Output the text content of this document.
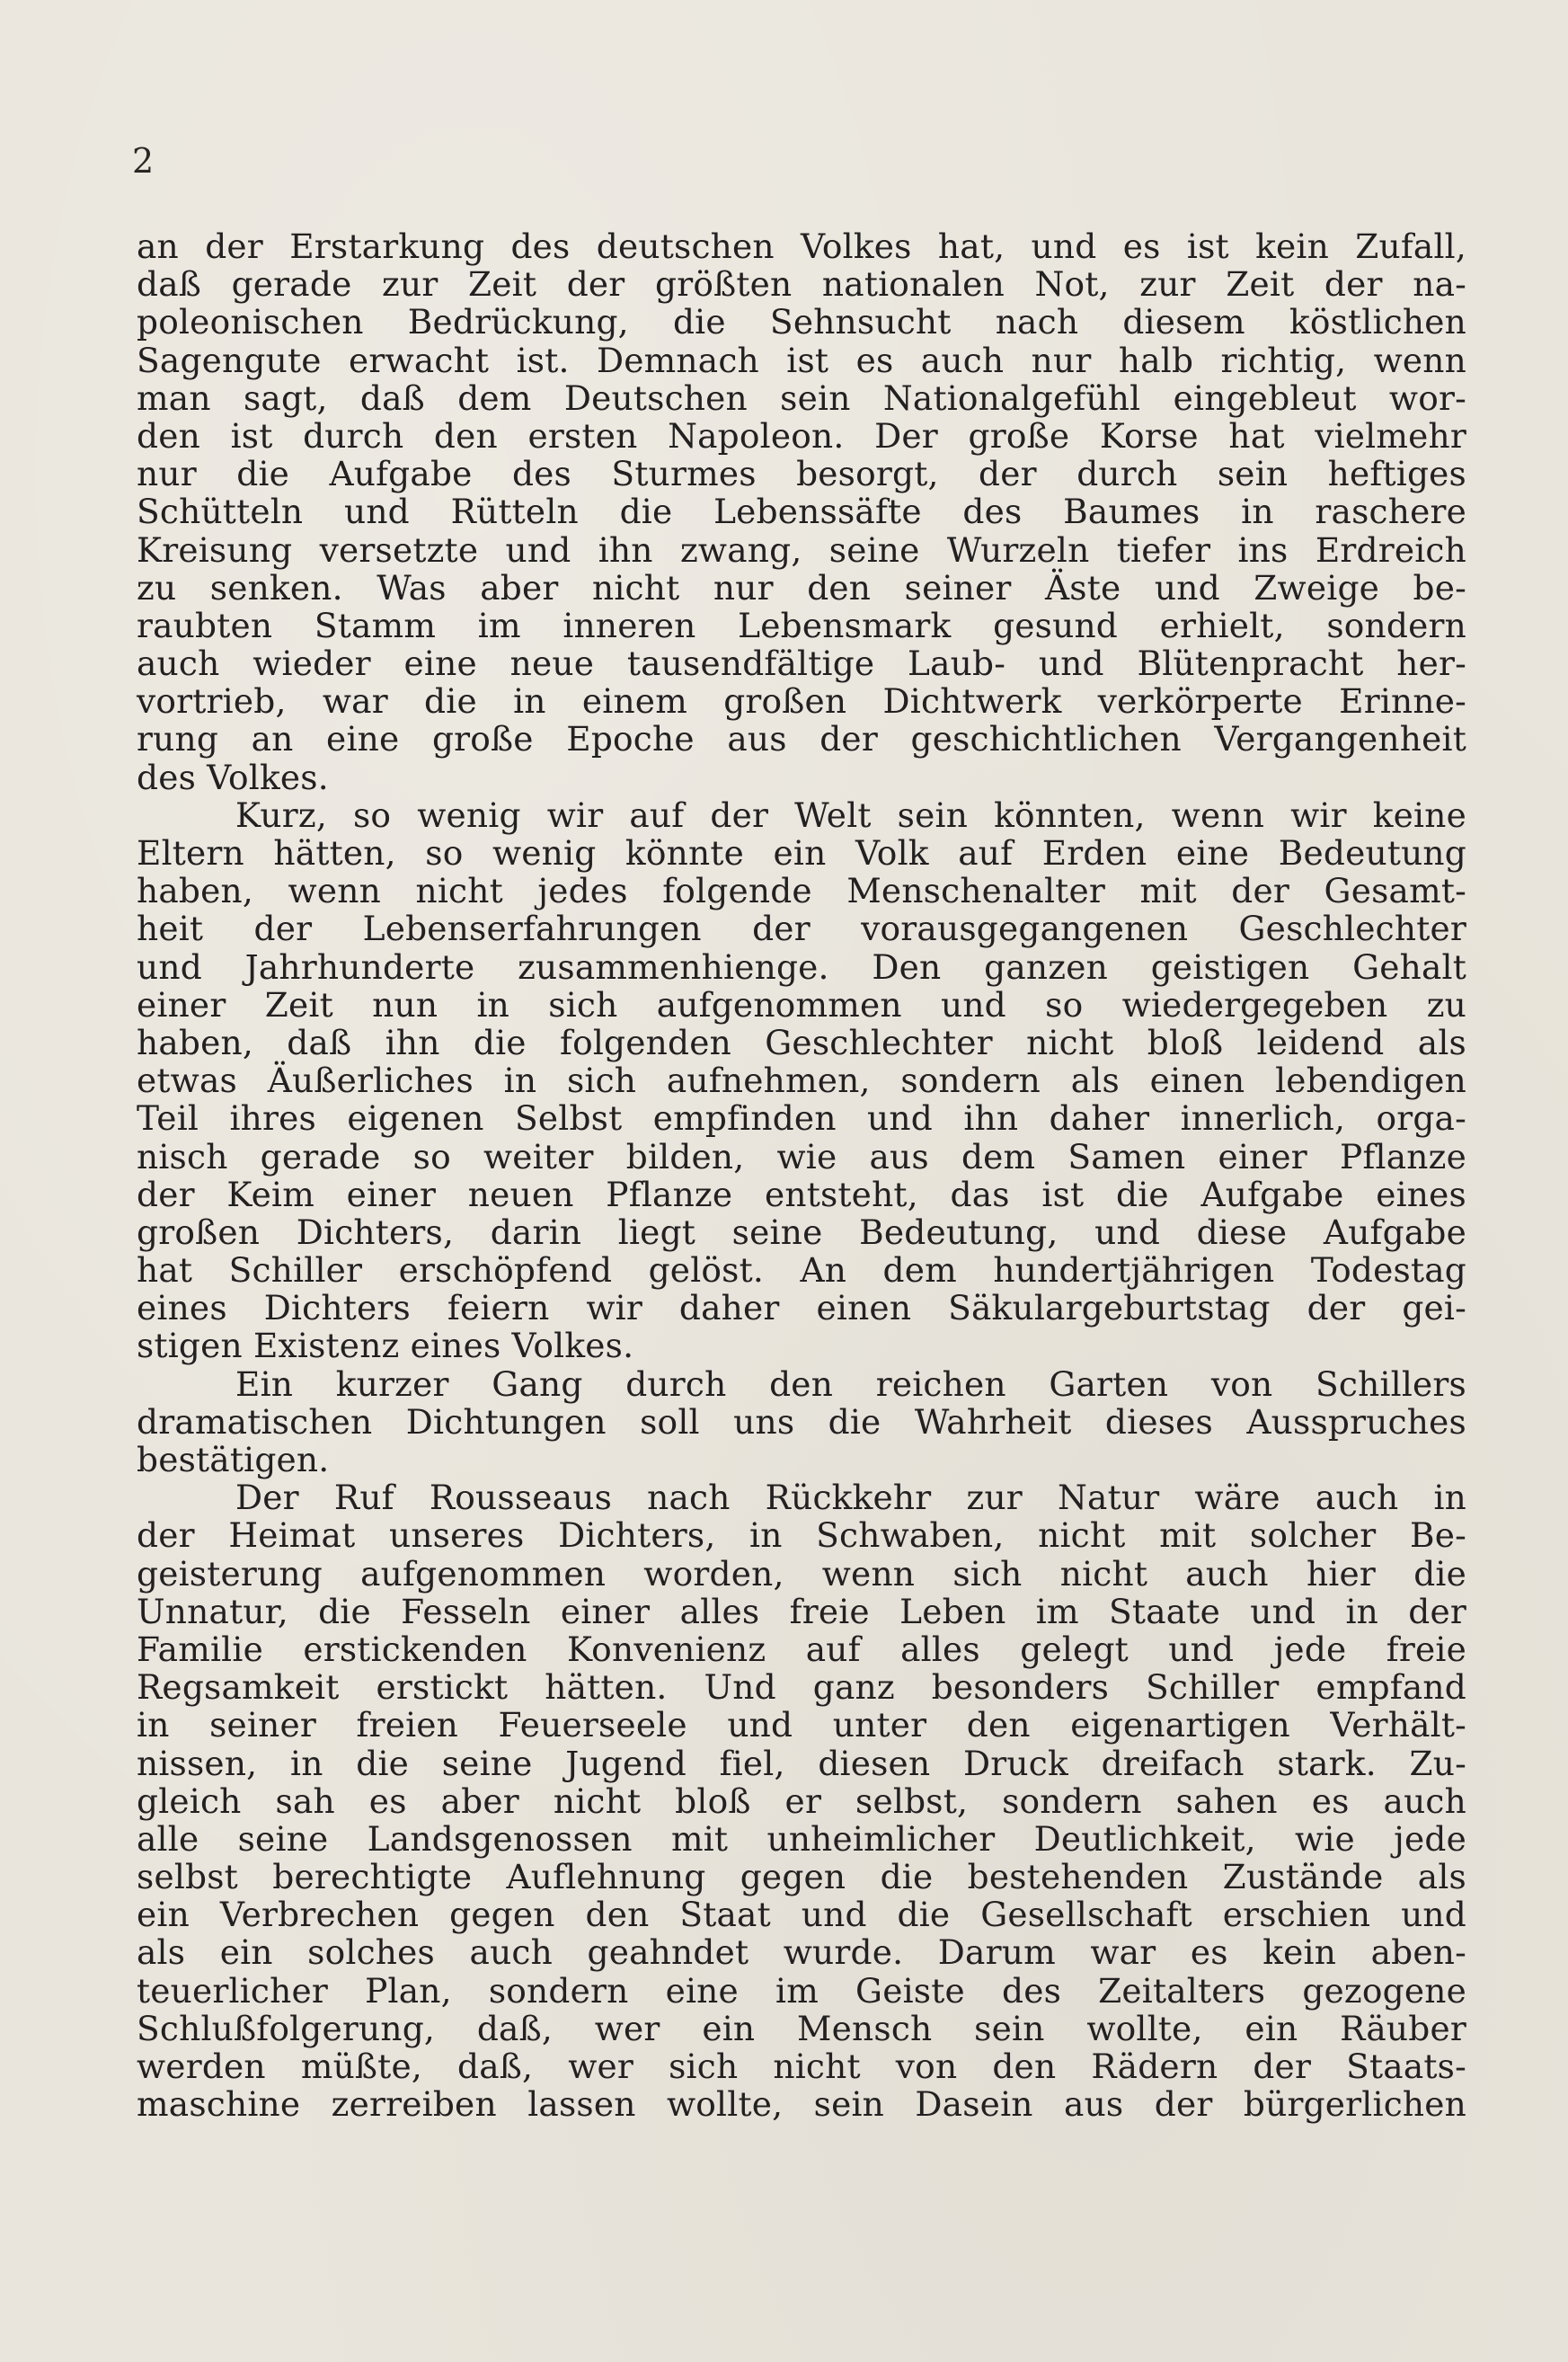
2
an der Erstarkung des deutschen Volkes hat, und es ist kein Zufall,
daß gerade zur Zeit der größten nationalen Not, zur Zeit der na-
poleonischen Bedrückung, die Sehnsucht nach diesem köstlichen
Sagengute erwacht ist. Demnach ist es auch nur halb richtig, wenn
man sagt, daß dem Deutschen sein Nationalgefühl eingebleut wor-
den ist durch den ersten Napoleon. Der große Korse hat vielmehr
nur die Aufgabe des Sturmes besorgt, der durch sein heftiges
Schütteln und Rütteln die Lebenssäfte des Baumes in raschere
Kreisung versetzte und ihn zwang, seine Wurzeln tiefer ins Erdreich
zu senken. Was aber nicht nur den seiner Äste und Zweige be-
raubten Stamm im inneren Lebensmark gesund erhielt, sondern
auch wieder eine neue tausendfältige Laub- und Blütenpracht her-
vortrieb, war die in einem großen Dichtwerk verkörperte Erinne-
rung an eine große Epoche aus der geschichtlichen Vergangenheit
des Volkes.
Kurz, so wenig wir auf der Welt sein könnten, wenn wir keine
Eltern hätten, so wenig könnte ein Volk auf Erden eine Bedeutung
haben, wenn nicht jedes folgende Menschenalter mit der Gesamt-
heit der Lebenserfahrungen der vorausgegangenen Geschlechter
und Jahrhunderte zusammenhienge. Den ganzen geistigen Gehalt
einer Zeit nun in sich aufgenommen und so wiedergegeben zu
haben, daß ihn die folgenden Geschlechter nicht bloß leidend als
etwas Äußerliches in sich aufnehmen, sondern als einen lebendigen
Teil ihres eigenen Selbst empfinden und ihn daher innerlich, orga-
nisch gerade so weiter bilden, wie aus dem Samen einer Pflanze
der Keim einer neuen Pflanze entsteht, das ist die Aufgabe eines
großen Dichters, darin liegt seine Bedeutung, und diese Aufgabe
hat Schiller erschöpfend gelöst. An dem hundertjährigen Todestag
eines Dichters feiern wir daher einen Säkulargeburtstag der gei-
stigen Existenz eines Volkes.
Ein kurzer Gang durch den reichen Garten von Schillers
dramatischen Dichtungen soll uns die Wahrheit dieses Ausspruches
bestätigen.
Der Ruf Rousseaus nach Rückkehr zur Natur wäre auch in
der Heimat unseres Dichters, in Schwaben, nicht mit solcher Be-
geisterung aufgenommen worden, wenn sich nicht auch hier die
Unnatur, die Fesseln einer alles freie Leben im Staate und in der
Familie erstickenden Konvenienz auf alles gelegt und jede freie
Regsamkeit erstickt hätten. Und ganz besonders Schiller empfand
in seiner freien Feuerseele und unter den eigenartigen Verhält-
nissen, in die seine Jugend fiel, diesen Druck dreifach stark. Zu-
gleich sah es aber nicht bloß er selbst, sondern sahen es auch
alle seine Landsgenossen mit unheimlicher Deutlichkeit, wie jede
selbst berechtigte Auflehnung gegen die bestehenden Zustände als
ein Verbrechen gegen den Staat und die Gesellschaft erschien und
als ein solches auch geahndet wurde. Darum war es kein aben-
teuerlicher Plan, sondern eine im Geiste des Zeitalters gezogene
Schlußfolgerung, daß, wer ein Mensch sein wollte, ein Räuber
werden müßte, daß, wer sich nicht von den Rädern der Staats-
maschine zerreiben lassen wollte, sein Dasein aus der bürgerlichen
